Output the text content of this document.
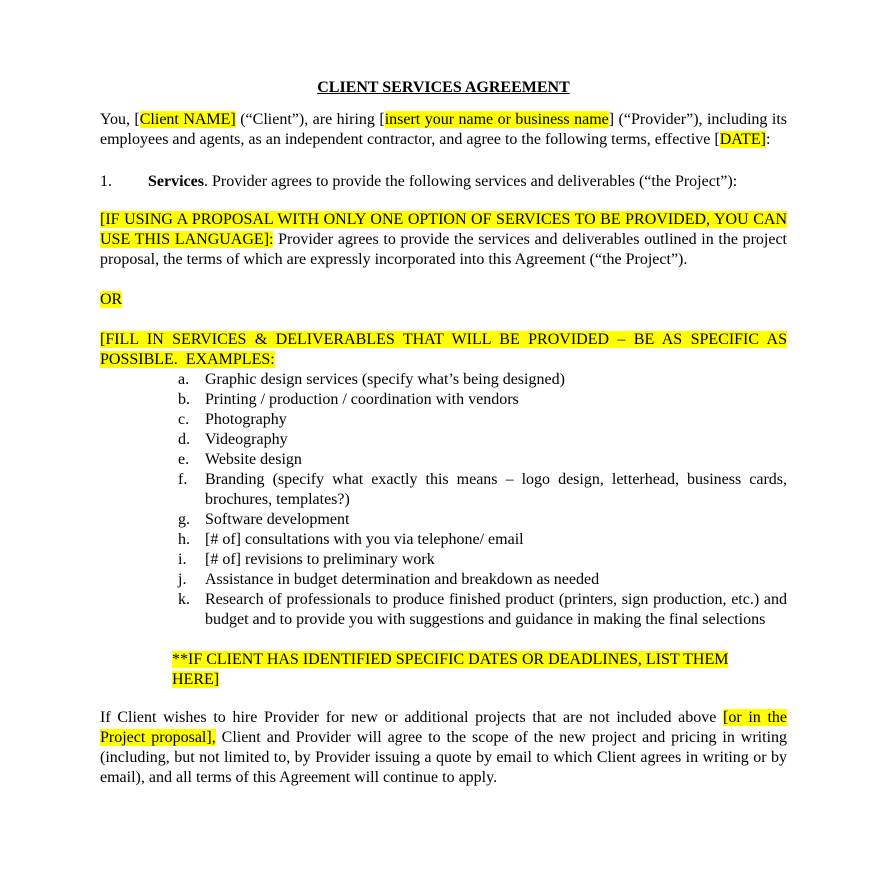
CLIENT SERVICES AGREEMENT

You, [Client NAME] (“Client”), are hiring [insert your name or business name] (“Provider”), including its employees and agents, as an independent contractor, and agree to the following terms, effective [DATE]:

1. Services. Provider agrees to provide the following services and deliverables (“the Project”):

[IF USING A PROPOSAL WITH ONLY ONE OPTION OF SERVICES TO BE PROVIDED, YOU CAN USE THIS LANGUAGE]: Provider agrees to provide the services and deliverables outlined in the project proposal, the terms of which are expressly incorporated into this Agreement (“the Project”).

OR

[FILL IN SERVICES & DELIVERABLES THAT WILL BE PROVIDED – BE AS SPECIFIC AS POSSIBLE.  EXAMPLES:

a. Graphic design services (specify what’s being designed)
b. Printing / production / coordination with vendors
c. Photography
d. Videography
e. Website design
f.	Branding (specify what exactly this means – logo design, letterhead, business cards, brochures, templates?)
g. Software development
h. [# of] consultations with you via telephone/ email
i.	[# of] revisions to preliminary work
j.	Assistance in budget determination and breakdown as needed
k. Research of professionals to produce finished product (printers, sign production, etc.) and budget and to provide you with suggestions and guidance in making the final selections

**IF CLIENT HAS IDENTIFIED SPECIFIC DATES OR DEADLINES, LIST THEM HERE]

If Client wishes to hire Provider for new or additional projects that are not included above [or in the Project proposal], Client and Provider will agree to the scope of the new project and pricing in writing (including, but not limited to, by Provider issuing a quote by email to which Client agrees in writing or by email), and all terms of this Agreement will continue to apply.
